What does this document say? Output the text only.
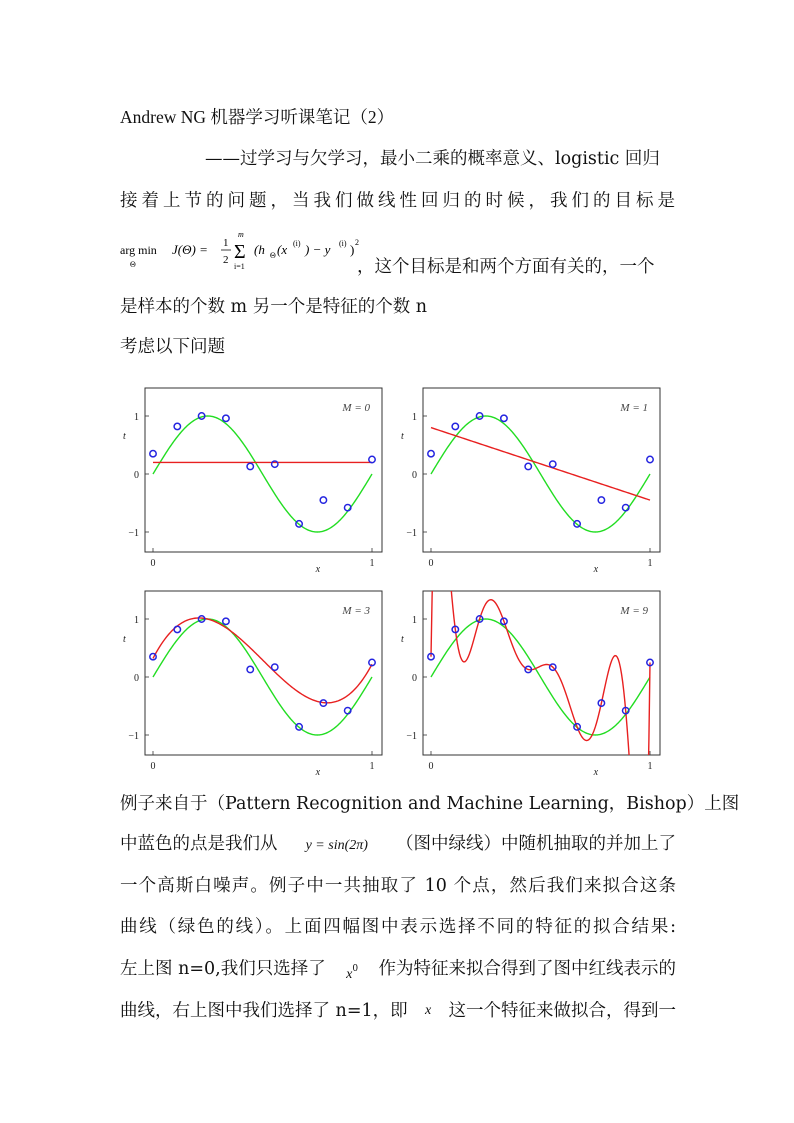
Andrew NG 机器学习听课笔记（2）
——过学习与欠学习，最小二乘的概率意义、logistic 回归
接着上节的问题，当我们做线性回归的时候，我们的目标是
arg min
Θ
J(Θ) = 1
2
m
Σ
i=1
(h Θ (x (i) ) − y (i) ) 2
，这个目标是和两个方面有关的，一个
是样本的个数 m 另一个是特征的个数 n
考虑以下问题
1
0
−1
0	1
t
x
M = 0
1
0
−1
0	1
t
x
M = 1
1
0
−1
0	1
t
x
M = 3
1
0
−1
0	1
t
x
M = 9
例子来自于（Pattern Recognition and Machine Learning，Bishop）上图
中蓝色的点是我们从 y = sin(2π) （图中绿线）中随机抽取的并加上了
一个高斯白噪声。例子中一共抽取了 10 个点，然后我们来拟合这条
曲线（绿色的线）。上面四幅图中表示选择不同的特征的拟合结果:
左上图 n=0,我们只选择了 $x^0$ 作为特征来拟合得到了图中红线表示的
曲线，右上图中我们选择了 n=1，即 x 这一个特征来做拟合，得到一
